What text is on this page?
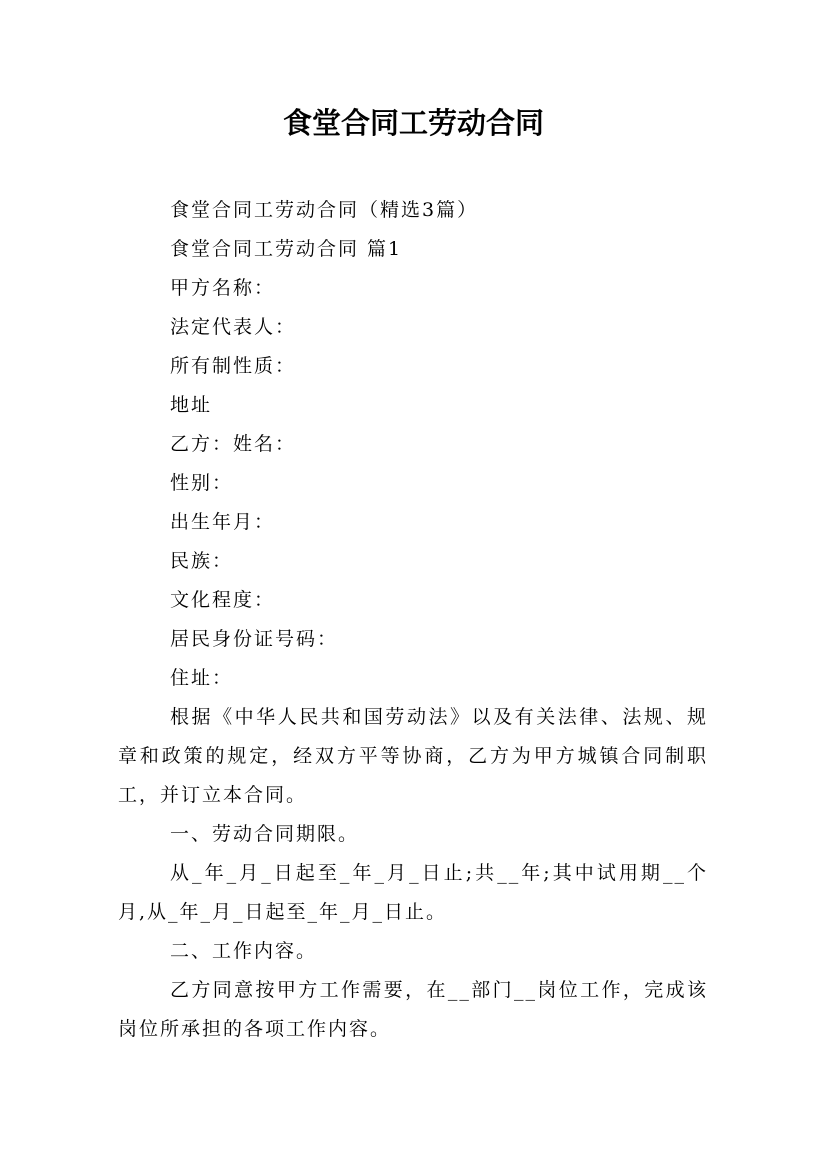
食堂合同工劳动合同

食堂合同工劳动合同（精选3篇）

食堂合同工劳动合同 篇1

甲方名称：

法定代表人：

所有制性质：

地址

乙方：姓名：

性别：

出生年月：

民族：

文化程度：

居民身份证号码：

住址：

根据《中华人民共和国劳动法》以及有关法律、法规、规章和政策的规定，经双方平等协商，乙方为甲方城镇合同制职工，并订立本合同。

一、劳动合同期限。

从_年_月_日起至_年_月_日止;共__年;其中试用期__个月,从_年_月_日起至_年_月_日止。

二、工作内容。

乙方同意按甲方工作需要，在__部门__岗位工作，完成该岗位所承担的各项工作内容。
